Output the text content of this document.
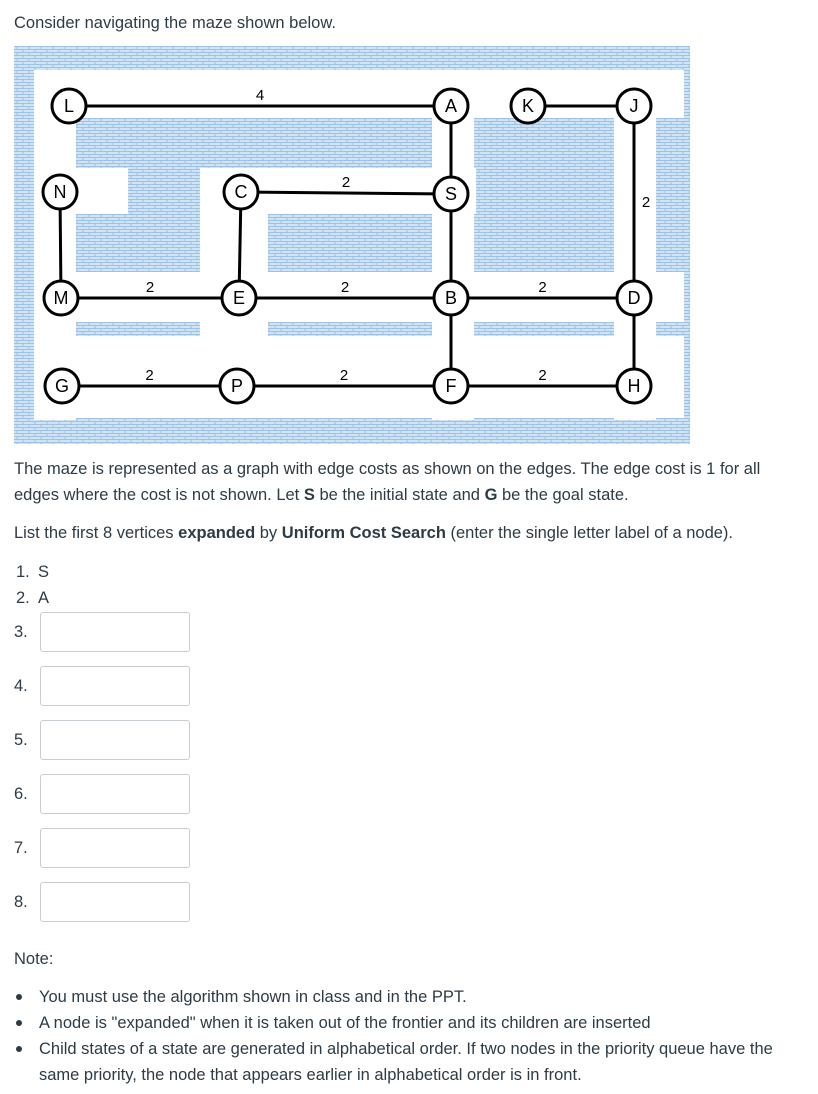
Consider navigating the maze shown below.

4
2
2
2	2	2
2	2	2
L	A	K	J
N	C	S
M	E	B	D
G	P	F	H

The maze is represented as a graph with edge costs as shown on the edges. The edge cost is 1 for all edges where the cost is not shown. Let S be the initial state and G be the goal state.

List the first 8 vertices expanded by Uniform Cost Search (enter the single letter label of a node).

1. S
2. A
3.
4.
5.
6.
7.
8.

Note:

You must use the algorithm shown in class and in the PPT.
A node is "expanded" when it is taken out of the frontier and its children are inserted
Child states of a state are generated in alphabetical order. If two nodes in the priority queue have the same priority, the node that appears earlier in alphabetical order is in front.
